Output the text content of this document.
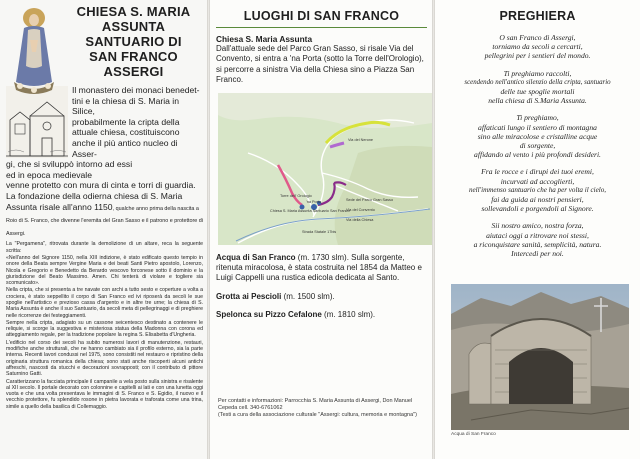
CHIESA S. MARIA
ASSUNTA
SANTUARIO DI
SAN FRANCO
ASSERGI
Il monastero dei monaci benedet-
tini e la chiesa di S. Maria in Silice,
probabilmente la cripta della
attuale chiesa, costituiscono
anche il più antico nucleo di Asser-
gi, che si sviluppò intorno ad essi
ed in epoca medievale
venne protetto con mura di cinta e torri di guardia.
La fondazione della odierna chiesa di S. Maria
Assunta risale all'anno 1150, qualche anno prima della nascita a Roio di S. Franco, che divenne l'eremita del Gran Sasso e il patrono e protettore di Assergi.

La "Pergamena", ritrovata durante la demolizione di un altare, reca la seguente scritta:

«Nell'anno del Signore 1150, nella XIII indizione, è stato edificato questo tempio in onore della Beata sempre Vergine Maria e dei beati Santi Pietro apostolo, Lorenzo, Nicola e Gregorio e Benedetto da Berardo vescovo forconese sotto il dominio e la giurisdizione del Beato Massimo. Amen. Chi tenterà di violare e togliere sia scomunicato».

Nella cripta, che si presenta a tre navate con archi a tutto sesto e coperture a volta a crociera, è stato seppellito il corpo di San Franco ed ivi riposerà da secoli le sue spoglie nell'artistico e prezioso cassa d'argento e in altre tre urne; la chiesa di S. Maria Assunta è anche il suo Santuario, da secoli meta di pellegrinaggi e di preghiere nelle ricorrenze dei festeggiamenti.

Sempre nella cripta, adagiato su un cassone seicentesco destinato a contenere le reliquie, si scorge la suggestiva e misteriosa statua della Madonna con corona ed atteggiamento regale, per la tradizione popolare la regina S. Elisabetta d'Ungheria.

L'edificio nel corso dei secoli ha subito numerosi lavori di manutenzione, restauri, modifiche anche strutturali, che ne hanno cambiato sia il profilo esterno, sia la parte interna. Recenti lavori condussi nel 1975, sono consistiti nel restauro e ripristino della originaria struttura romanica della chiesa; sono stati anche riscoperti alcuni antichi affreschi, nascosti da stucchi e decorazioni sovrapposti; con il contributo di pittore Saturnino Gatti.

Caratterizzano la facciata principale il campanile a vela posto sulla sinistra e risalente al XII secolo. Il portale decorato con colonnine e capitelli ai lati e con una lunetta oggi vuota e che una volta presentava le immagini di S. Franco e S. Egidio, il nuovo e il vecchio protettore, fu splendido rosone in pietra lavorata e traforata come una trina, simile a quello della basilica di Collemaggio.

LUOGHI DI SAN FRANCO
Chiesa S. Maria Assunta
Dall'attuale sede del Parco Gran Sasso, si risale Via del Convento, si entra a 'na Porta (sotto la Torre dell'Orologio), si percorre a sinistra Via della Chiesa sino a Piazza San Franco.
Via del Nerone
Torre dell' Orologio
'na Porta
Chiesa S. Maria Assunta Santuario San Franco
Sede del Parco Gran Sasso
Via del Convento
Via della Chiesa
Strada Statale 17bis
Acqua di San Franco (m. 1730 slm). Sulla sorgente, ritenuta miracolosa, è stata costruita nel 1854 da Matteo e Luigi Cappelli una rustica edicola dedicata al Santo.
Grotta ai Pescioli (m. 1500 slm).
Spelonca su Pizzo Cefalone (m. 1810 slm).
Per contatti e informazioni: Parrocchia S. Maria Assunta di Assergi, Don Manuel
Cepeda cell. 340-6761062
(Testi a cura della associazione culturale "Assergi: cultura, memoria e montagna")
PREGHIERA
O san Franco di Assergi,
torniamo da secoli a cercarti,
pellegrini per i sentieri del mondo.
Ti preghiamo raccolti,
scendendo nell'antico silenzio della cripta, santuario
delle tue spoglie mortali
nella chiesa di S.Maria Assunta.
Ti preghiamo,
affaticati lungo il sentiero di montagna
sino alle miracolose e cristalline acque
di sorgente,
affidando al vento i più profondi desideri.
Fra le rocce e i dirupi dei tuoi eremi,
incurvati ad accoglierti,
nell'immenso santuario che ha per volta il cielo,
fai da guida ai nostri pensieri,
sollevandoli e porgendoli al Signore.
Sii nostro amico, nostra forza,
aiutaci oggi a ritrovare noi stessi,
a riconquistare sanità, semplicità, natura.
Intercedi per noi.
Acqua di San Franco
